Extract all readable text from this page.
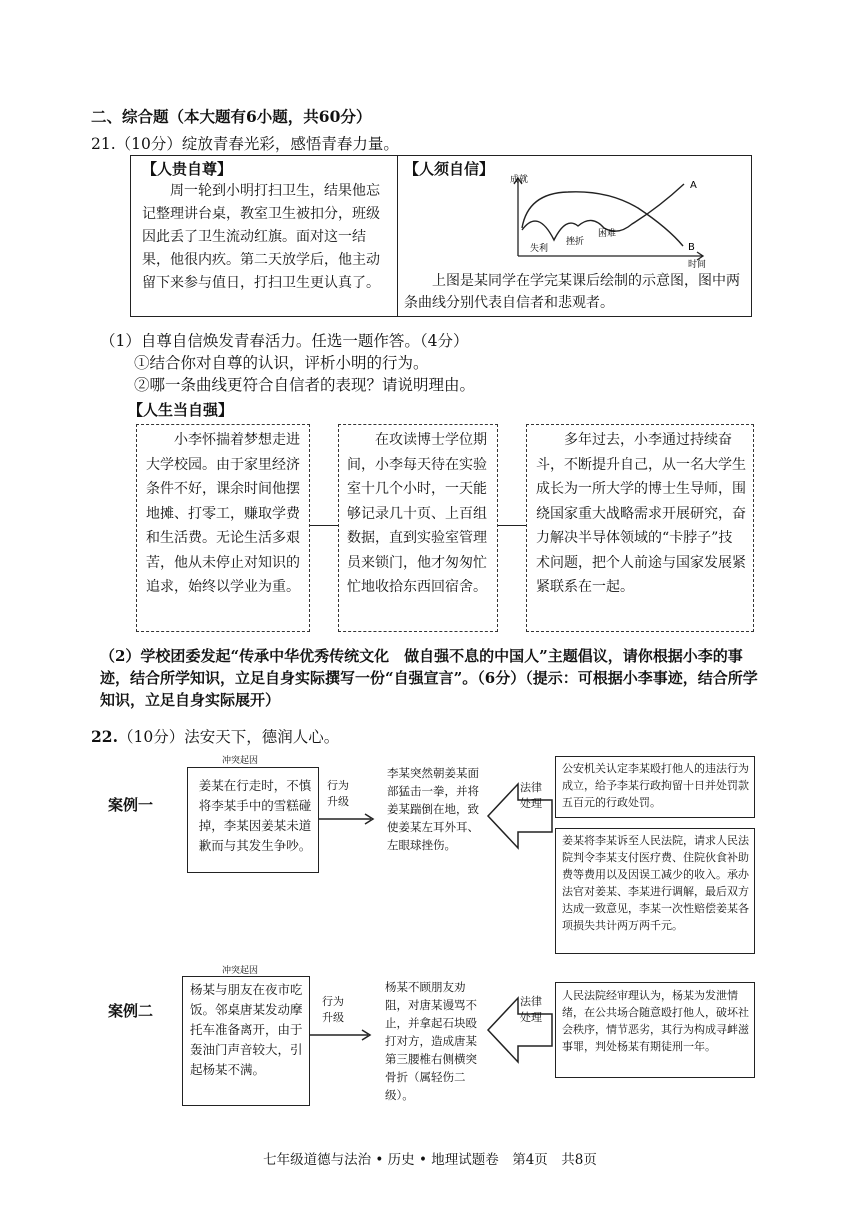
二、综合题（本大题有6小题，共60分）
21.（10分）绽放青春光彩，感悟青春力量。
【人贵自尊】
周一轮到小明打扫卫生，结果他忘记整理讲台桌，教室卫生被扣分，班级因此丢了卫生流动红旗。面对这一结果，他很内疚。第二天放学后，他主动留下来参与值日，打扫卫生更认真了。
【人须自信】
成就
时间
A
B
失利
挫折
困难
上图是某同学在学完某课后绘制的示意图，图中两条曲线分别代表自信者和悲观者。
（1）自尊自信焕发青春活力。任选一题作答。（4分）
①结合你对自尊的认识，评析小明的行为。
②哪一条曲线更符合自信者的表现？请说明理由。
【人生当自强】
小李怀揣着梦想走进大学校园。由于家里经济条件不好，课余时间他摆地摊、打零工，赚取学费和生活费。无论生活多艰苦，他从未停止对知识的追求，始终以学业为重。
在攻读博士学位期间，小李每天待在实验室十几个小时，一天能够记录几十页、上百组数据，直到实验室管理员来锁门，他才匆匆忙忙地收拾东西回宿舍。
多年过去，小李通过持续奋斗，不断提升自己，从一名大学生成长为一所大学的博士生导师，围绕国家重大战略需求开展研究，奋力解决半导体领域的“卡脖子”技术问题，把个人前途与国家发展紧紧联系在一起。
（2）学校团委发起“传承中华优秀传统文化　做自强不息的中国人”主题倡议，请你根据小李的事迹，结合所学知识，立足自身实际撰写一份“自强宣言”。（6分）（提示：可根据小李事迹，结合所学知识，立足自身实际展开）
22.（10分）法安天下，德润人心。
冲突起因
案例一
姜某在行走时，不慎将李某手中的雪糕碰掉，李某因姜某未道歉而与其发生争吵。
行为升级
李某突然朝姜某面部猛击一拳，并将姜某踹倒在地，致使姜某左耳外耳、左眼球挫伤。
法律处理
公安机关认定李某殴打他人的违法行为成立，给予李某行政拘留十日并处罚款五百元的行政处罚。
姜某将李某诉至人民法院，请求人民法院判令李某支付医疗费、住院伙食补助费等费用以及因误工减少的收入。承办法官对姜某、李某进行调解，最后双方达成一致意见，李某一次性赔偿姜某各项损失共计两万两千元。
冲突起因
案例二
杨某与朋友在夜市吃饭。邻桌唐某发动摩托车准备离开，由于轰油门声音较大，引起杨某不满。
行为升级
杨某不顾朋友劝阻，对唐某谩骂不止，并拿起石块殴打对方，造成唐某第三腰椎右侧横突骨折（属轻伤二级）。
法律处理
人民法院经审理认为，杨某为发泄情绪，在公共场合随意殴打他人，破坏社会秩序，情节恶劣，其行为构成寻衅滋事罪，判处杨某有期徒刑一年。
七年级道德与法治 • 历史 • 地理试题卷　第4页　共8页
